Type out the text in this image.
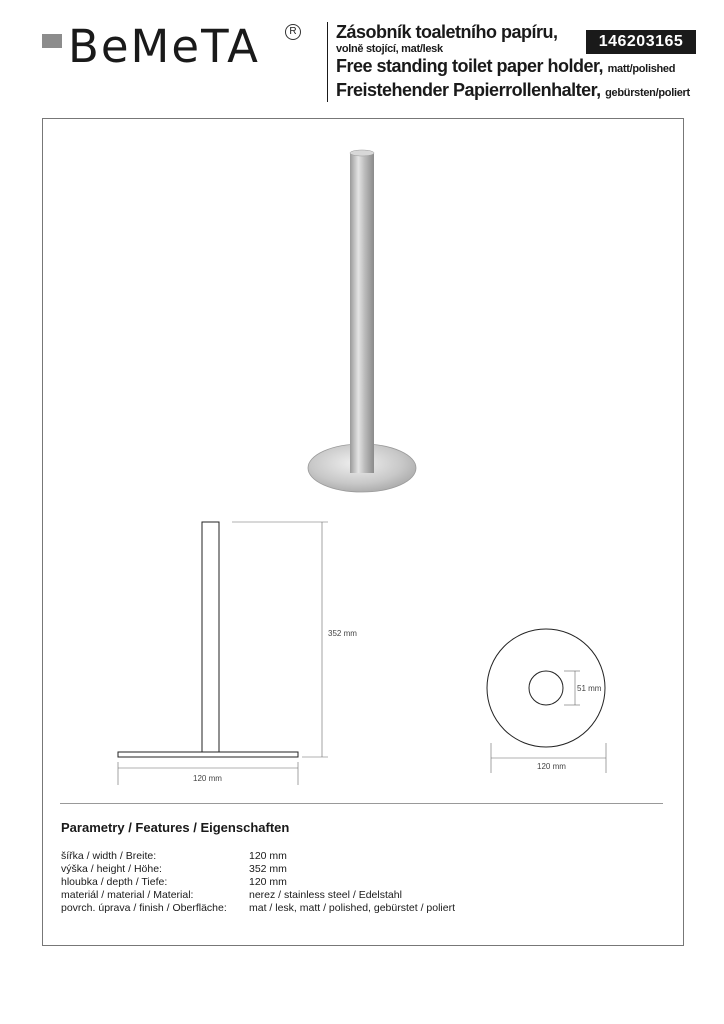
BeMeTA	R Zásobník toaletního papíru,
volně stojící, mat/lesk
Free standing toilet paper holder, matt/polished
Freistehender Papierrollenhalter, gebürsten/poliert
146203165
352 mm
120 mm
51 mm
120 mm
Parametry / Features / Eigenschaften
šířka / width / Breite:	120 mm
výška / height / Höhe:	352 mm
hloubka / depth / Tiefe:	120 mm
materiál / material / Material:	nerez / stainless steel / Edelstahl
povrch. úprava / finish / Oberfläche: mat / lesk, matt / polished, gebürstet / poliert
